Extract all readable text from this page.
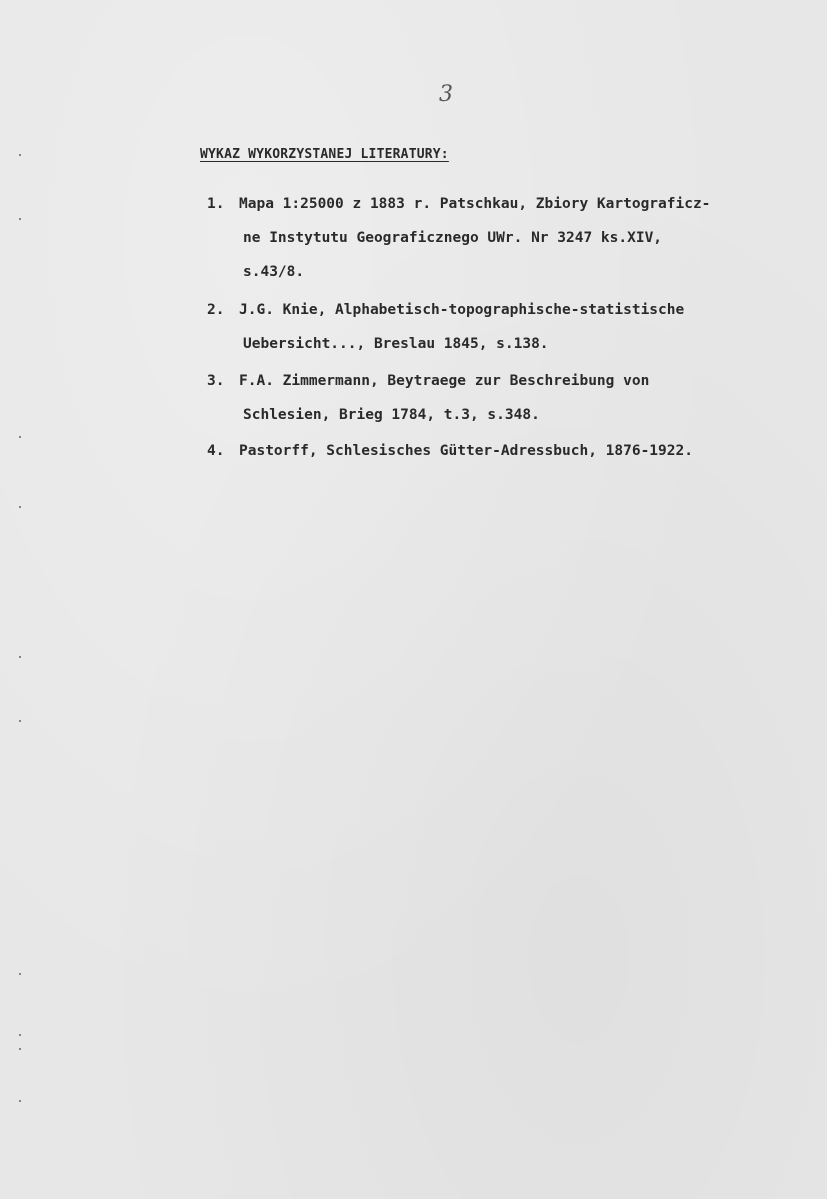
3
WYKAZ WYKORZYSTANEJ LITERATURY:
1. Mapa 1:25000 z 1883 r. Patschkau, Zbiory Kartograficz-
ne Instytutu Geograficznego UWr. Nr 3247 ks.XIV,
s.43/8.
2. J.G. Knie, Alphabetisch-topographische-statistische
Uebersicht..., Breslau 1845, s.138.
3. F.A. Zimmermann, Beytraege zur Beschreibung von
Schlesien, Brieg 1784, t.3, s.348.
4. Pastorff, Schlesisches Gütter-Adressbuch, 1876-1922.
